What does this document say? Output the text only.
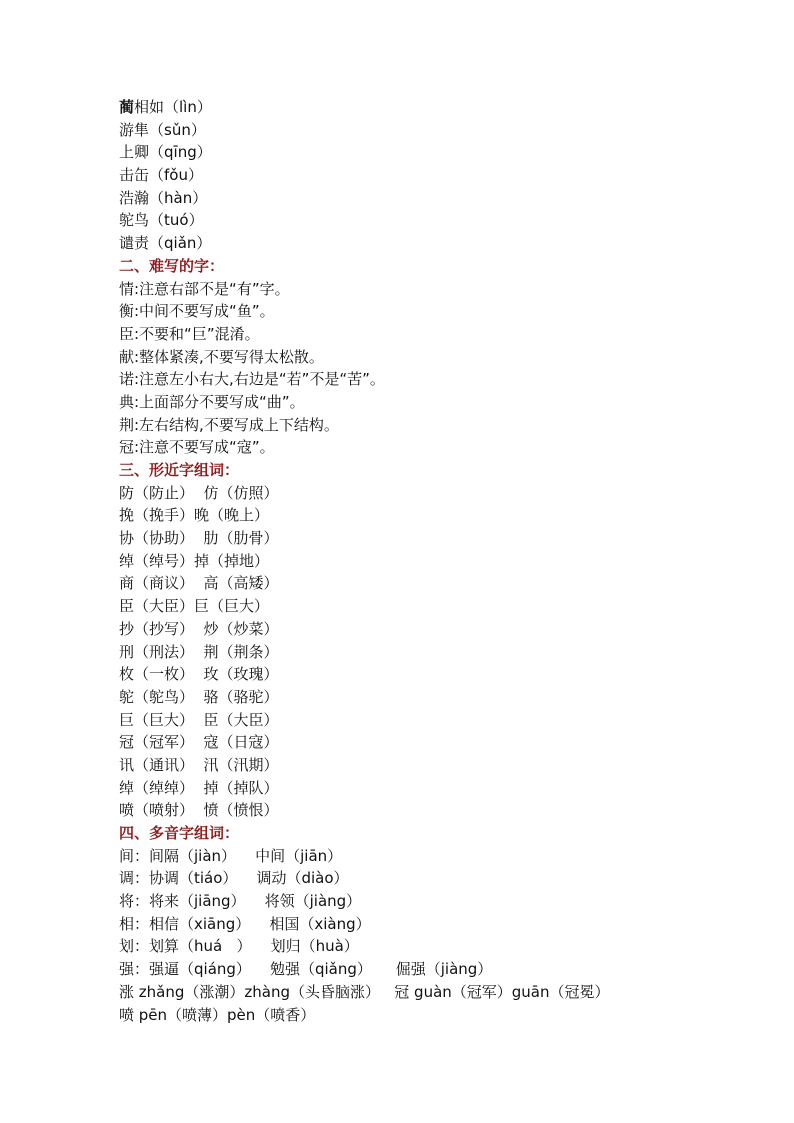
蔺相如（lìn）
游隼（sǔn）
上卿（qīng）
击缶（fǒu）
浩瀚（hàn）
鸵鸟（tuó）
谴责（qiǎn）
二、难写的字：
情:注意右部不是“有”字。
衡:中间不要写成“鱼”。
臣:不要和“巨”混淆。
献:整体紧凑,不要写得太松散。
诺:注意左小右大,右边是“若”不是“苦”。
典:上面部分不要写成“曲”。
荆:左右结构,不要写成上下结构。
冠:注意不要写成“寇”。
三、形近字组词：
防（防止）  仿（仿照）
挽（挽手）晚（晚上）
协（协助）  肋（肋骨）
绰（绰号）掉（掉地）
商（商议）  高（高矮）
臣（大臣）巨（巨大）
抄（抄写）  炒（炒菜）
刑（刑法）  荆（荆条）
枚（一枚）  玫（玫瑰）
鸵（鸵鸟）  骆（骆驼）
巨（巨大）  臣（大臣）
冠（冠军）  寇（日寇）
讯（通讯）  汛（汛期）
绰（绰绰）  掉（掉队）
喷（喷射）  愤（愤恨）
四、多音字组词：
间：间隔（jiàn）    中间（jiān）
调：协调（tiáo）    调动（diào）
将：将来（jiāng）    将领（jiàng）
相：相信（xiāng）    相国（xiàng）
划：划算（huá   ）    划归（huà）
强：强逼（qiáng）    勉强（qiǎng）     倔强（jiàng）
涨 zhǎng（涨潮）zhàng（头昏脑涨）   冠 guàn（冠军）guān（冠冕）
喷 pēn（喷薄）pèn（喷香）
